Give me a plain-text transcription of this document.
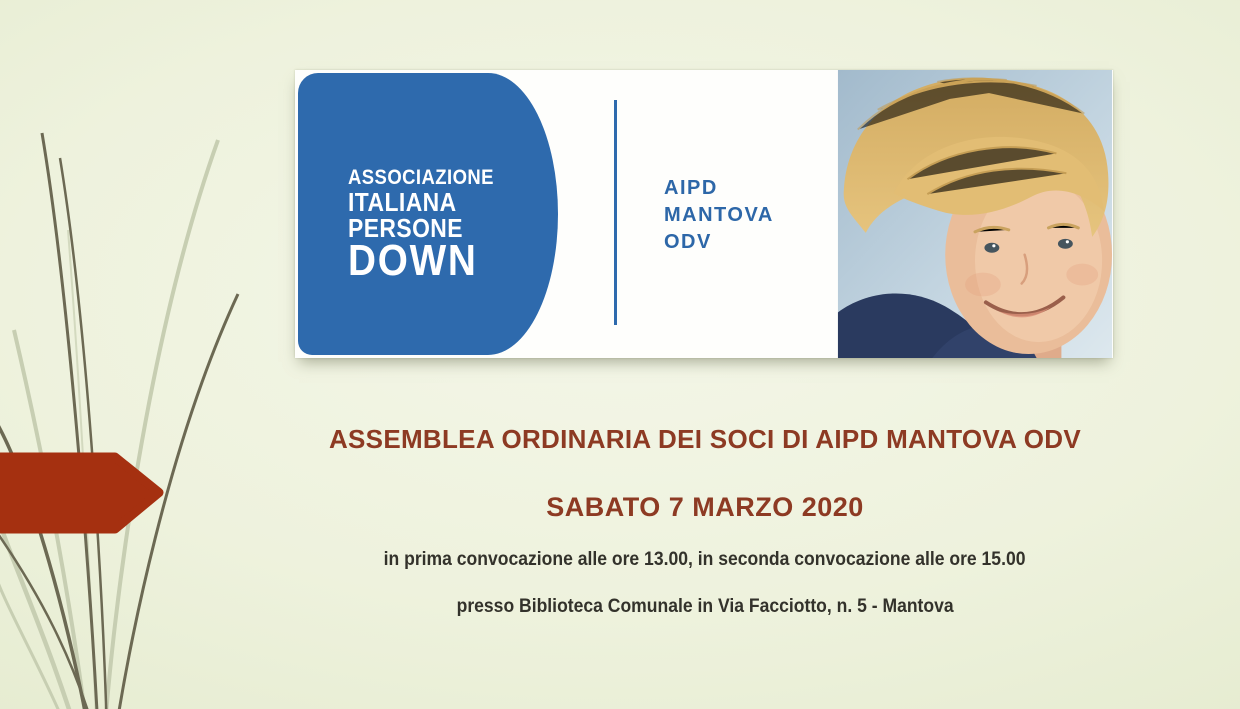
ASSOCIAZIONE
ITALIANA
PERSONE
DOWN
AIPD
MANTOVA
ODV
ASSEMBLEA ORDINARIA DEI SOCI DI AIPD MANTOVA ODV
SABATO 7 MARZO 2020
in prima convocazione alle ore 13.00, in seconda convocazione alle ore 15.00
presso Biblioteca Comunale in Via Facciotto, n. 5 - Mantova
